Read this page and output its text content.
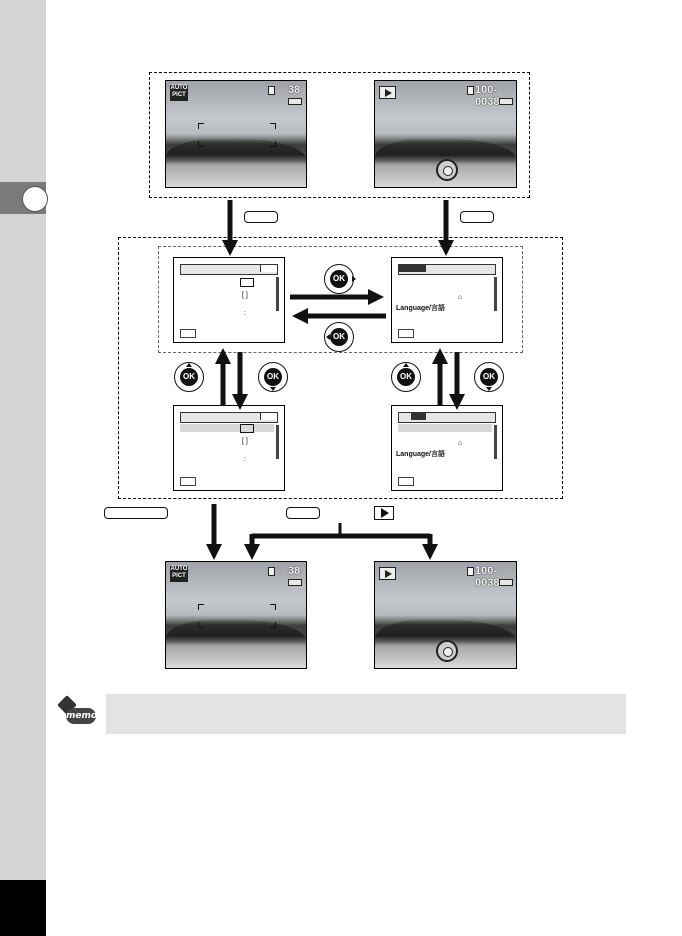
AUTO PICT	38	100-0038
[ ]
:
⌂
Language/言語
[ ]
:
⌂
Language/言語
OK
OK
OK	OK	OK	OK
AUTO PICT	38	100-0038
memo
